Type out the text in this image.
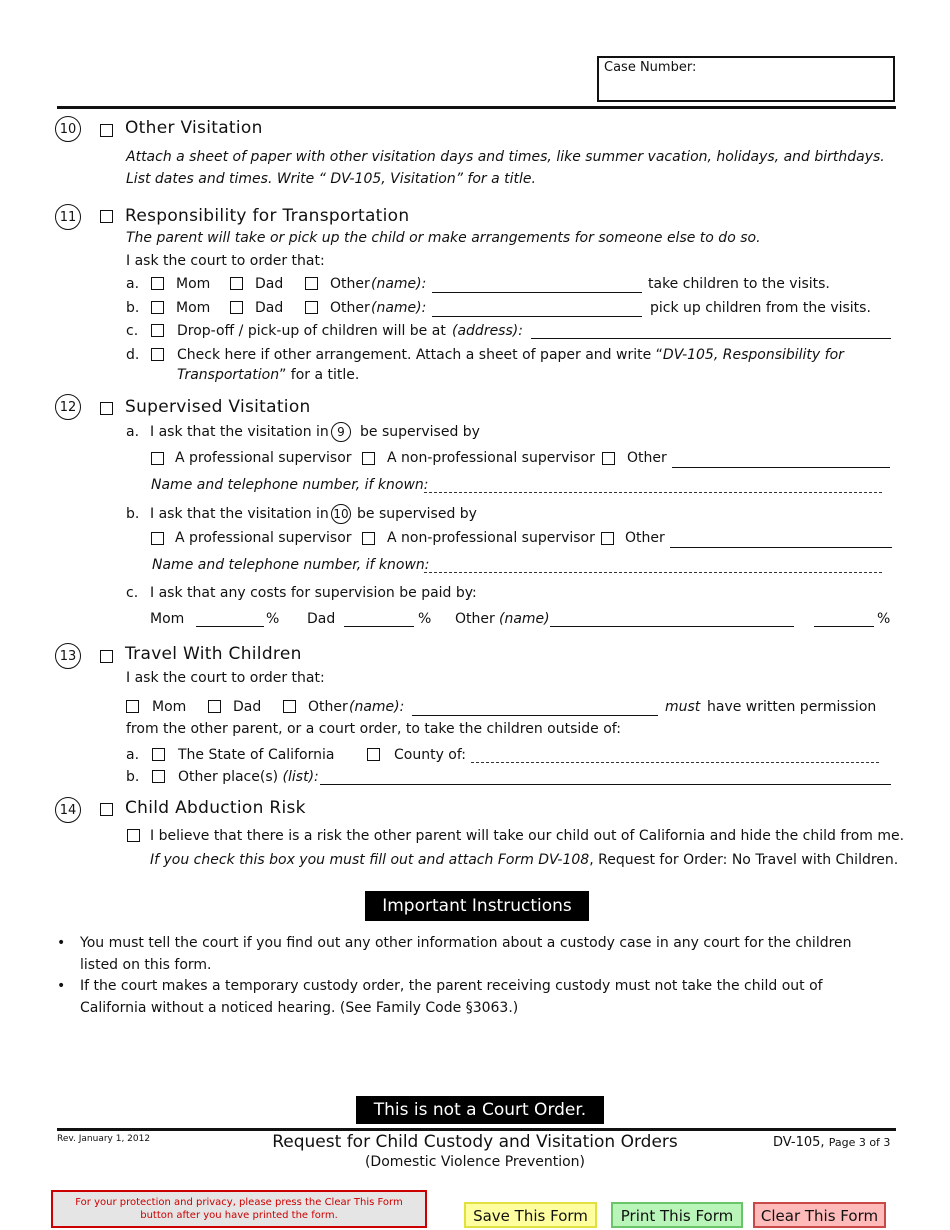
Case Number:
10	Other Visitation
Attach a sheet of paper with other visitation days and times, like summer vacation, holidays, and birthdays.
List dates and times. Write “ DV-105, Visitation” for a title.
11	Responsibility for Transportation
The parent will take or pick up the child or make arrangements for someone else to do so.
I ask the court to order that:
a.	Mom	Dad	Other (name):	take children to the visits.
b.	Mom	Dad	Other (name):	pick up children from the visits.
c.	Drop-off / pick-up of children will be at (address):
d.	Check here if other arrangement. Attach a sheet of paper and write “DV-105, Responsibility for
Transportation” for a title.
12	Supervised Visitation
a. I ask that the visitation in 9	be supervised by
A professional supervisor	A non-professional supervisor Other
Name and telephone number, if known:
b. I ask that the visitation in 10 be supervised by
A professional supervisor	A non-professional supervisor Other
Name and telephone number, if known:
c. I ask that any costs for supervision be paid by:
Mom	% Dad	% Other (name)	%
13	Travel With Children
I ask the court to order that:
Mom	Dad	Other (name):	must have written permission
from the other parent, or a court order, to take the children outside of:
a.	The State of California	County of:
b.	Other place(s) (list):
14	Child Abduction Risk
I believe that there is a risk the other parent will take our child out of California and hide the child from me.
If you check this box you must fill out and attach Form DV-108, Request for Order: No Travel with Children.
Important Instructions
• You must tell the court if you find out any other information about a custody case in any court for the children
listed on this form.
• If the court makes a temporary custody order, the parent receiving custody must not take the child out of
California without a noticed hearing. (See Family Code §3063.)
This is not a Court Order.
Rev. January 1, 2012	Request for Child Custody and Visitation Orders
(Domestic Violence Prevention)
DV-105, Page 3 of 3
For your protection and privacy, please press the Clear This Form button after you have printed the form.	Save This Form	Print This Form	Clear This Form
